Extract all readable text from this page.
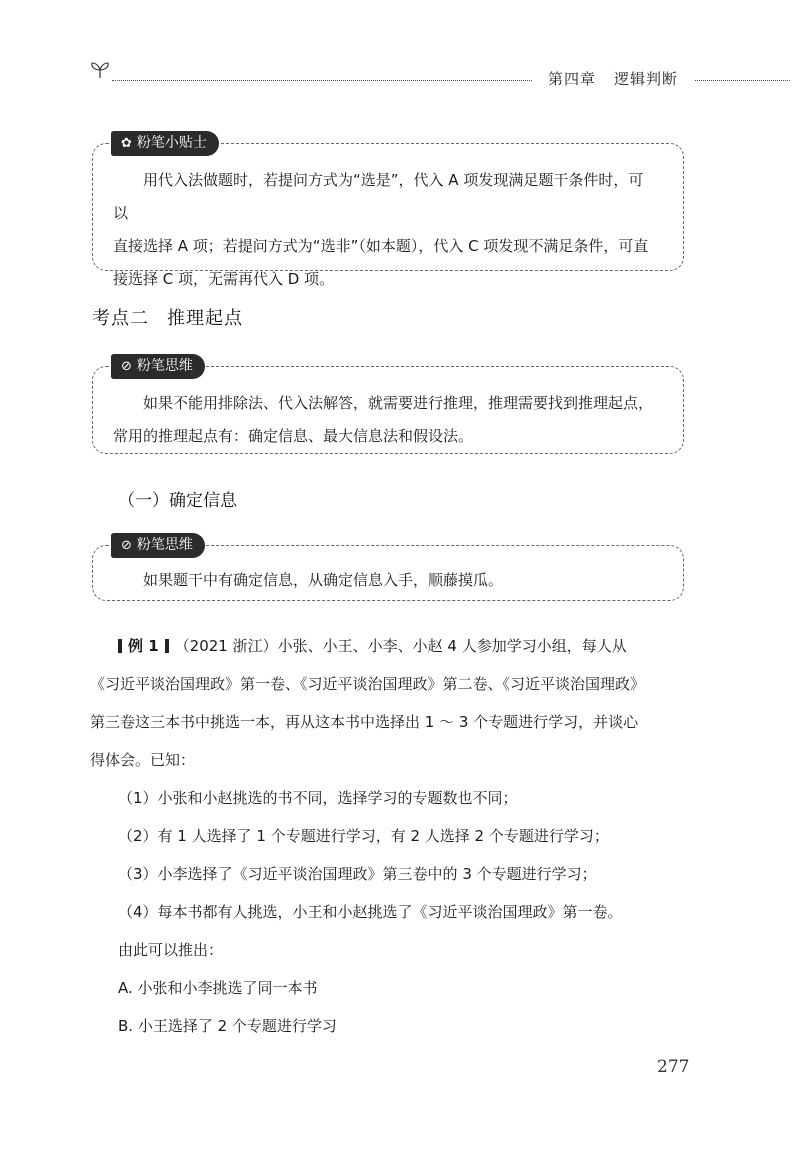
第四章 逻辑判断
✿ 粉笔小贴士

用代入法做题时，若提问方式为“选是”，代入 A 项发现满足题干条件时，可以

直接选择 A 项；若提问方式为“选非”（如本题），代入 C 项发现不满足条件，可直

接选择 C 项，无需再代入 D 项。

考点二 推理起点
⊘ 粉笔思维

如果不能用排除法、代入法解答，就需要进行推理，推理需要找到推理起点，

常用的推理起点有：确定信息、最大信息法和假设法。

（一）确定信息
⊘ 粉笔思维

如果题干中有确定信息，从确定信息入手，顺藤摸瓜。

例 1 （2021 浙江）小张、小王、小李、小赵 4 人参加学习小组，每人从
《习近平谈治国理政》第一卷、《习近平谈治国理政》第二卷、《习近平谈治国理政》
第三卷这三本书中挑选一本，再从这本书中选择出 1 ～ 3 个专题进行学习，并谈心
得体会。已知：
（1）小张和小赵挑选的书不同，选择学习的专题数也不同；
（2）有 1 人选择了 1 个专题进行学习，有 2 人选择 2 个专题进行学习；
（3）小李选择了《习近平谈治国理政》第三卷中的 3 个专题进行学习；
（4）每本书都有人挑选，小王和小赵挑选了《习近平谈治国理政》第一卷。
由此可以推出：
A. 小张和小李挑选了同一本书
B. 小王选择了 2 个专题进行学习
277
